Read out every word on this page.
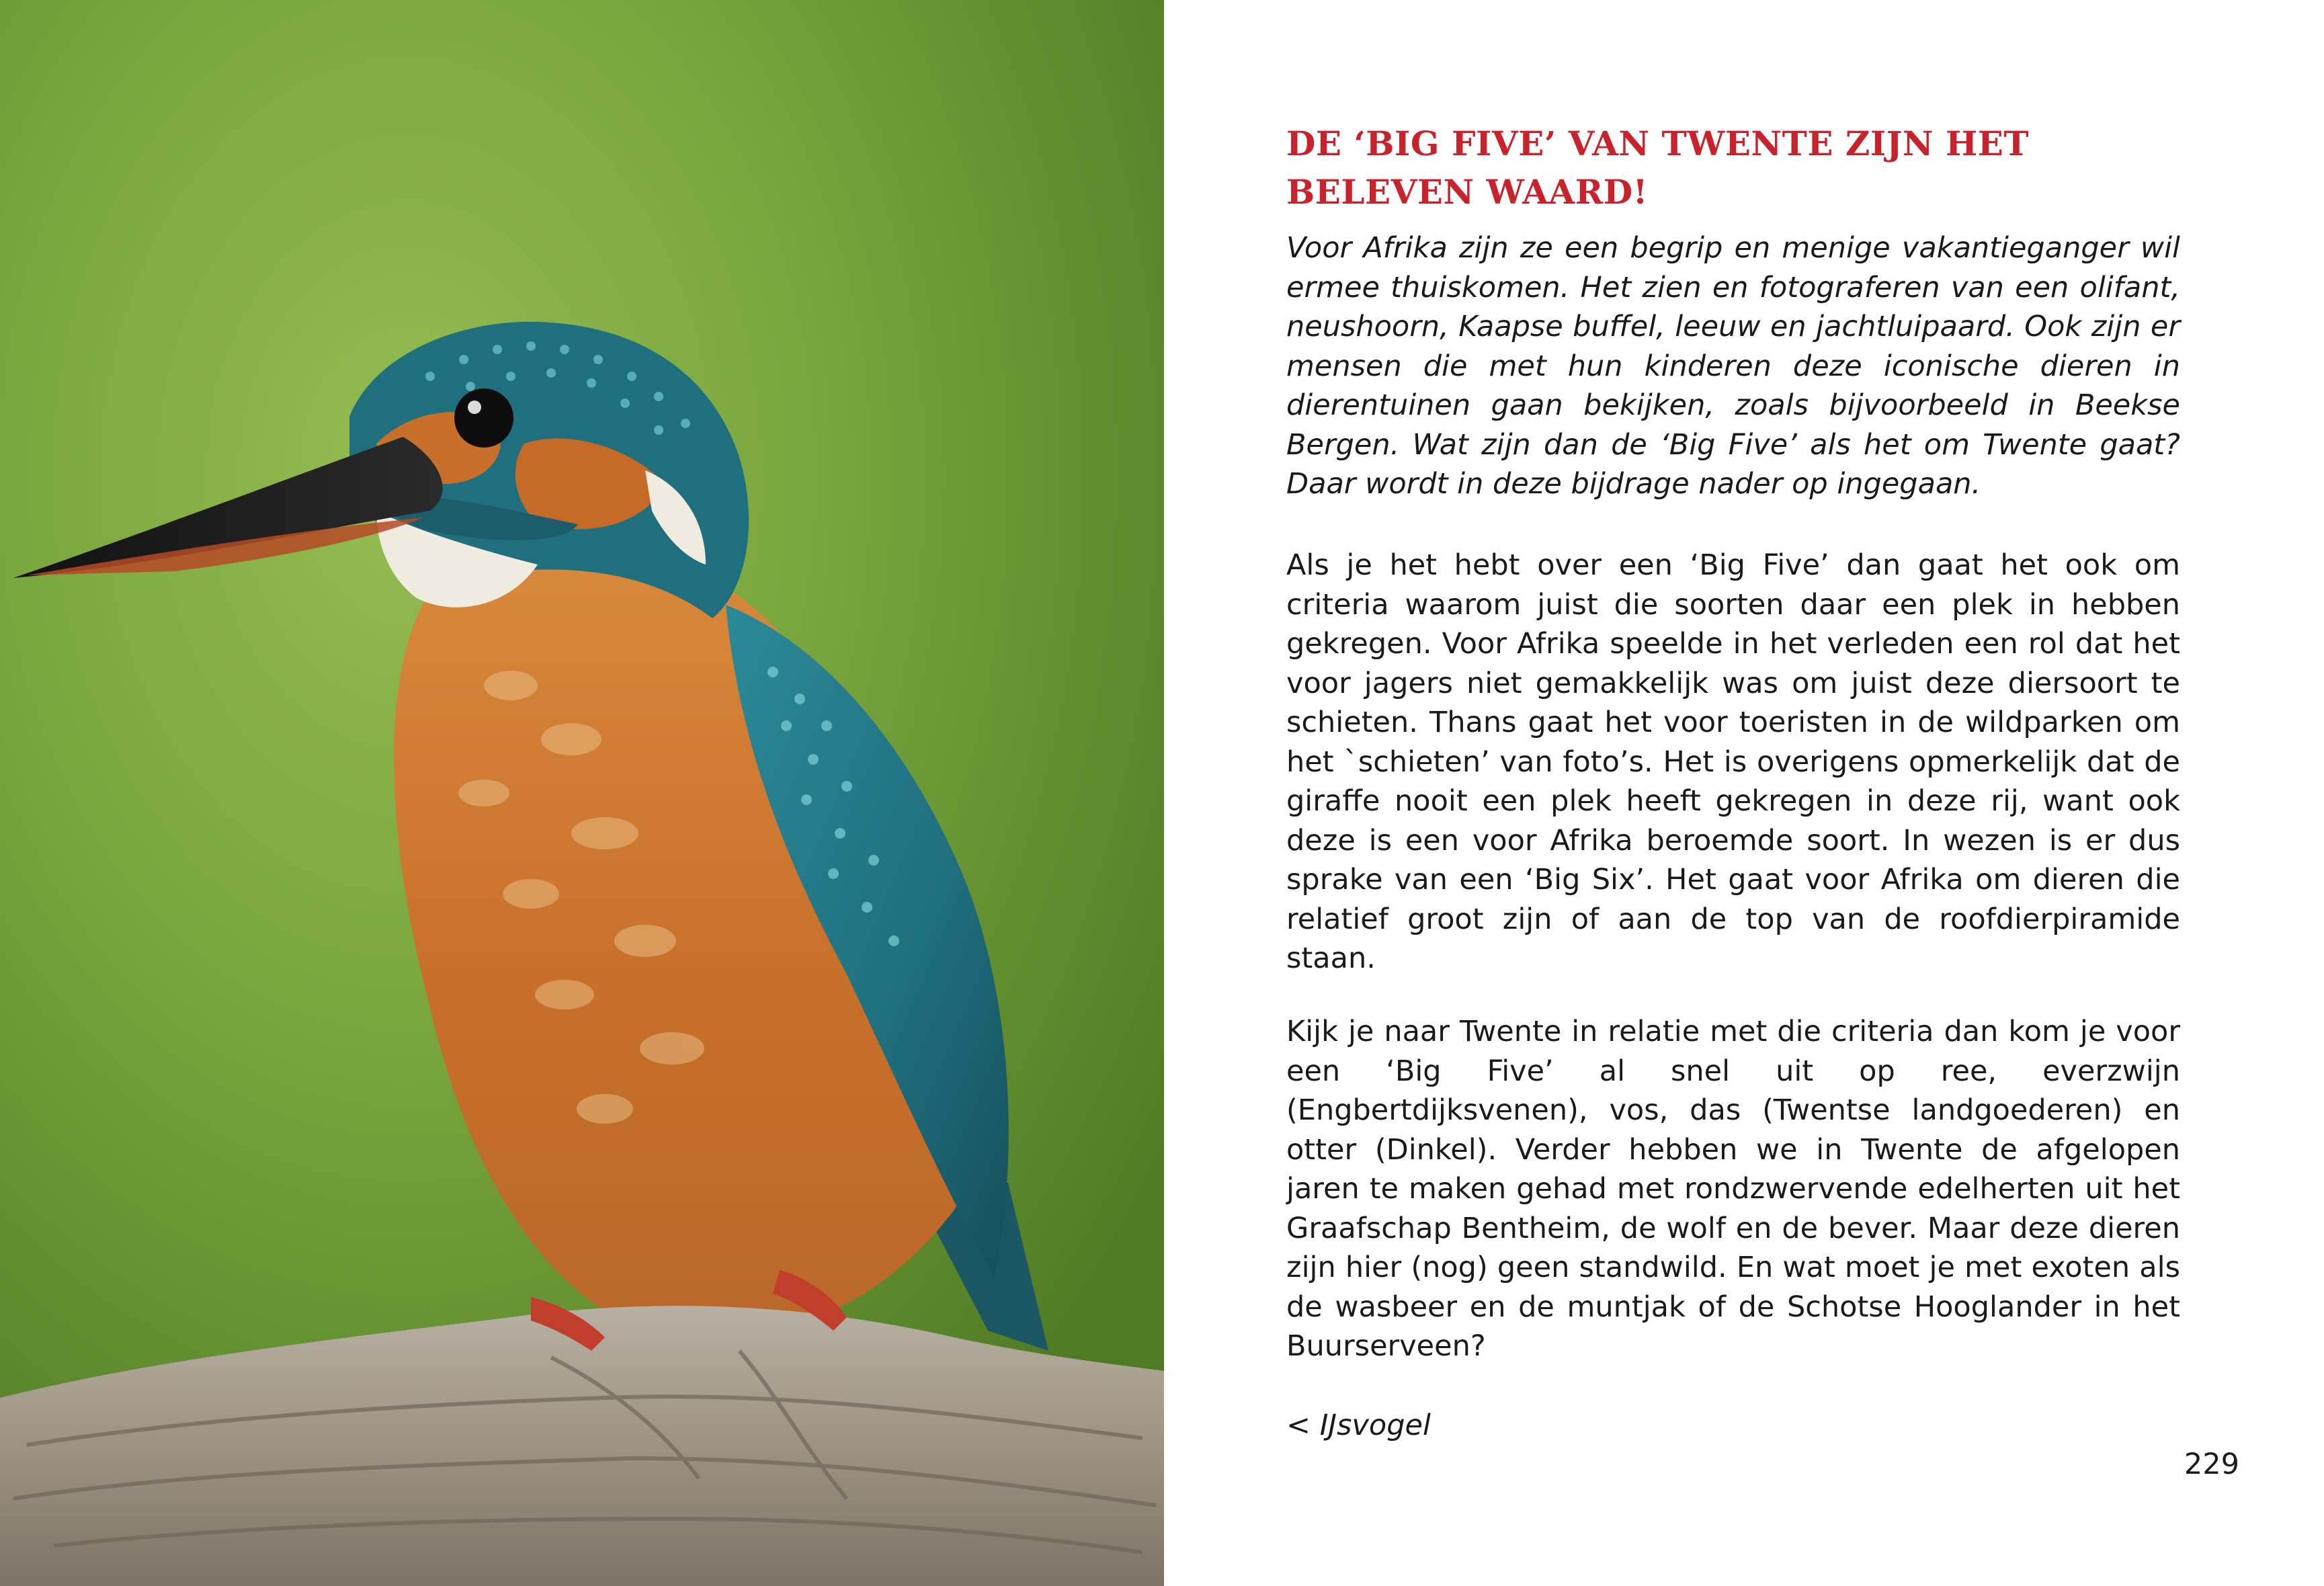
DE ‘BIG FIVE’ VAN TWENTE ZIJN HET BELEVEN WAARD!

Voor Afrika zijn ze een begrip en menige vakantieganger wil ermee thuiskomen. Het zien en fotograferen van een olifant, neushoorn, Kaapse buffel, leeuw en jachtluipaard. Ook zijn er mensen die met hun kinderen deze iconische dieren in dierentuinen gaan bekijken, zoals bijvoorbeeld in Beekse Bergen. Wat zijn dan de ‘Big Five’ als het om Twente gaat? Daar wordt in deze bijdrage nader op ingegaan.

Als je het hebt over een ‘Big Five’ dan gaat het ook om criteria waarom juist die soorten daar een plek in hebben gekregen. Voor Afrika speelde in het verleden een rol dat het voor jagers niet gemakkelijk was om juist deze diersoort te schieten. Thans gaat het voor toeristen in de wildparken om het `schieten’ van foto’s. Het is overigens opmerkelijk dat de giraffe nooit een plek heeft gekregen in deze rij, want ook deze is een voor Afrika beroemde soort. In wezen is er dus sprake van een ‘Big Six’. Het gaat voor Afrika om dieren die relatief groot zijn of aan de top van de roofdierpiramide staan.

Kijk je naar Twente in relatie met die criteria dan kom je voor een ‘Big Five’ al snel uit op ree, everzwijn (Engbertdijksvenen), vos, das (Twentse landgoederen) en otter (Dinkel). Verder hebben we in Twente de afgelopen jaren te maken gehad met rondzwervende edelherten uit het Graafschap Bentheim, de wolf en de bever. Maar deze dieren zijn hier (nog) geen standwild. En wat moet je met exoten als de wasbeer en de muntjak of de Schotse Hooglander in het Buurserveen?

< IJsvogel

229
